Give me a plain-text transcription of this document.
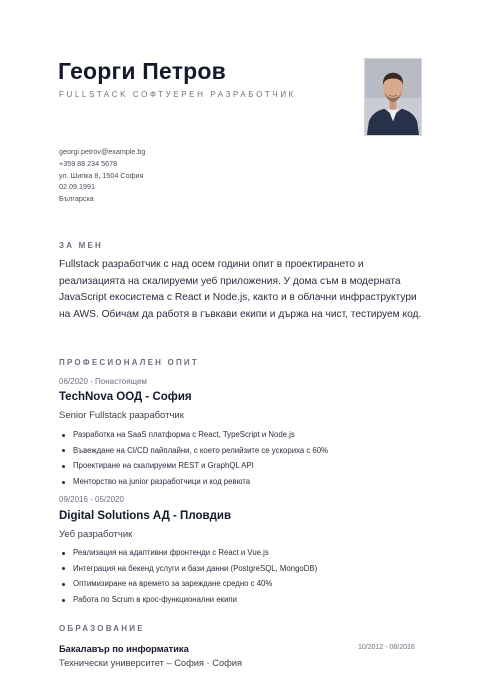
Георги Петров
FULLSTACK СОФТУЕРЕН РАЗРАБОТЧИК
georgi.petrov@example.bg
+359 88 234 5678
ул. Шипка 8, 1504 София
02.09.1991
Българска
ЗА МЕН
Fullstack разработчик с над осем години опит в проектирането и реализацията на скалируеми уеб приложения. У дома съм в модерната JavaScript екосистема с React и Node.js, както и в облачни инфраструктури на AWS. Обичам да работя в гъвкави екипи и държа на чист, тестируем код.
ПРОФЕСИОНАЛЕН ОПИТ
06/2020 - Понастоящем
TechNova ООД - София
Senior Fullstack разработчик
Разработка на SaaS платформа с React, TypeScript и Node.js
Въвеждане на CI/CD пайплайни, с което релийзите се ускориха с 60%
Проектиране на скалируеми REST и GraphQL API
Менторство на junior разработчици и код ревюта
09/2016 - 05/2020
Digital Solutions АД - Пловдив
Уеб разработчик
Реализация на адаптивни фронтенди с React и Vue.js
Интеграция на бекенд услуги и бази данни (PostgreSQL, MongoDB)
Оптимизиране на времето за зареждане средно с 40%
Работа по Scrum в крос-функционални екипи
ОБРАЗОВАНИЕ
Бакалавър по информатика
Технически университет – София · София
10/2012 - 08/2016
